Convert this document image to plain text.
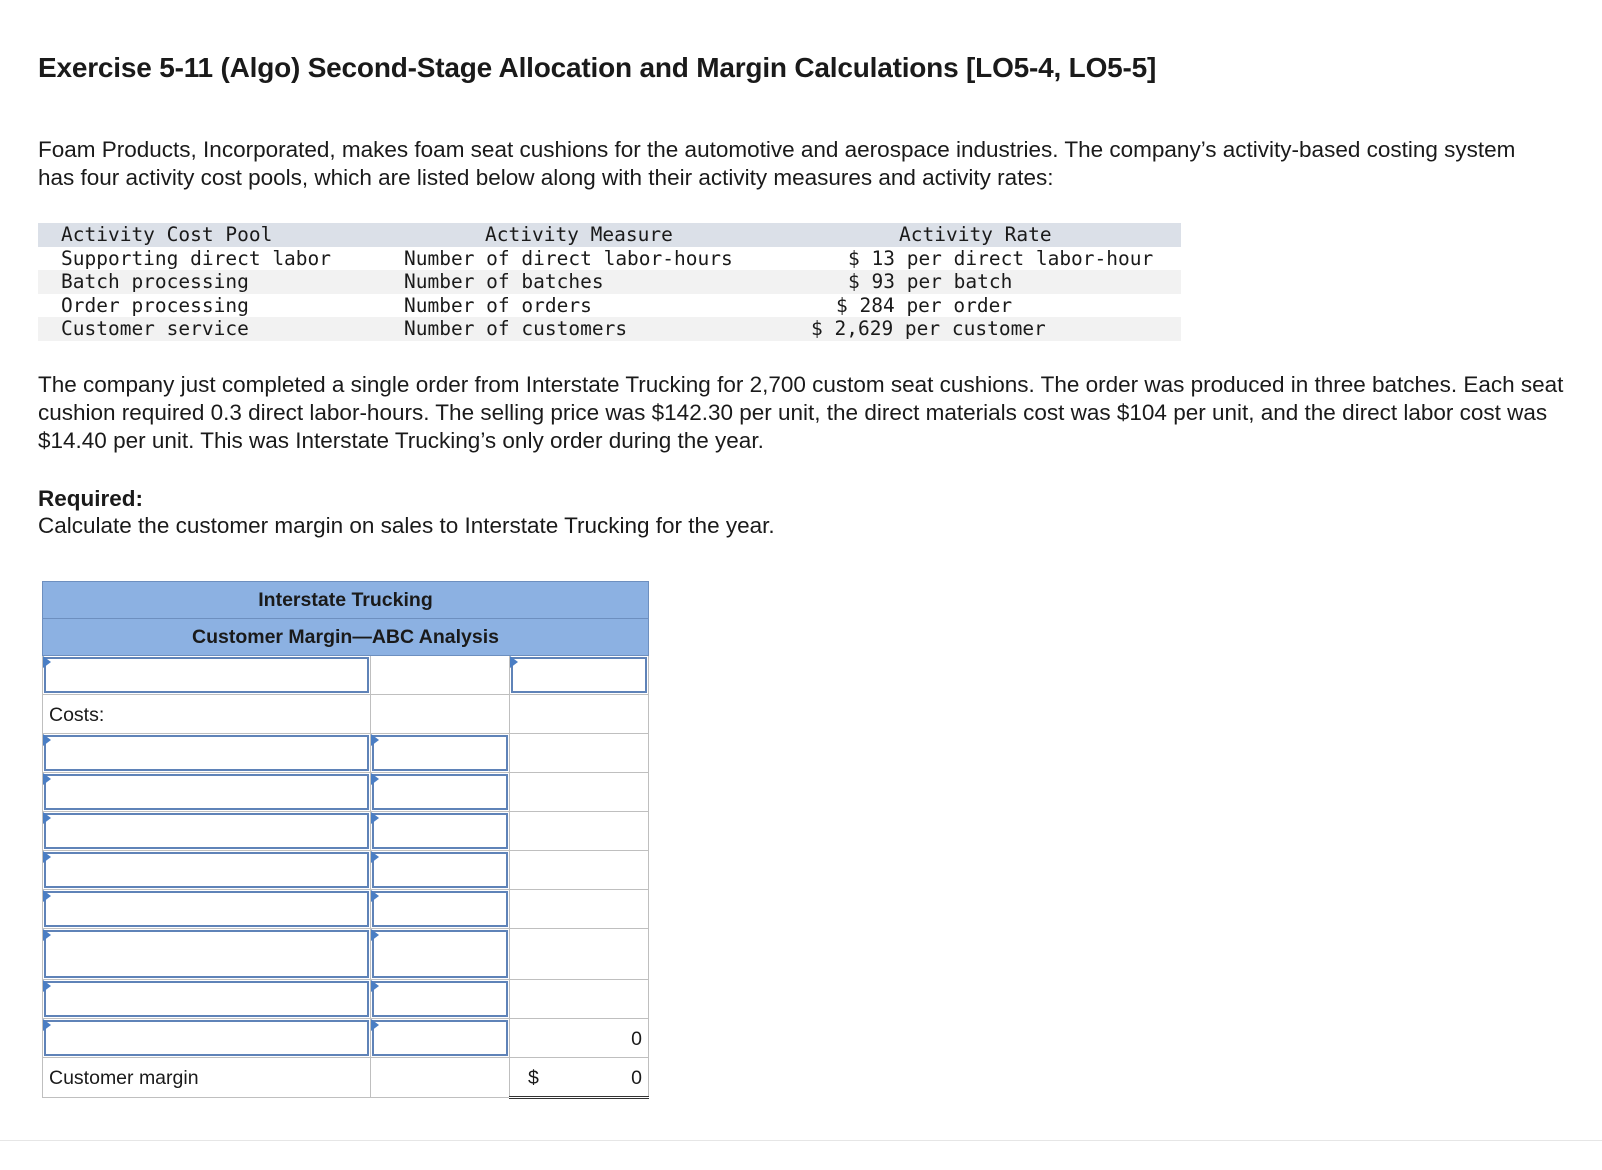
Exercise 5-11 (Algo) Second-Stage Allocation and Margin Calculations [LO5-4, LO5-5]
Foam Products, Incorporated, makes foam seat cushions for the automotive and aerospace industries. The company’s activity-based costing system has four activity cost pools, which are listed below along with their activity measures and activity rates:
Activity Cost Pool	Activity Measure	Activity Rate
Supporting direct labor	Number of direct labor-hours	$ 13 per direct labor-hour
Batch processing	Number of batches	$ 93 per batch
Order processing	Number of orders	$ 284 per order
Customer service	Number of customers	$ 2,629 per customer
The company just completed a single order from Interstate Trucking for 2,700 custom seat cushions. The order was produced in three batches. Each seat cushion required 0.3 direct labor-hours. The selling price was $142.30 per unit, the direct materials cost was $104 per unit, and the direct labor cost was $14.40 per unit. This was Interstate Trucking’s only order during the year.
Required:
Calculate the customer margin on sales to Interstate Trucking for the year.
Interstate Trucking		
Customer Margin—ABC Analysis		

Costs:		

		0

Customer margin		$ 0
